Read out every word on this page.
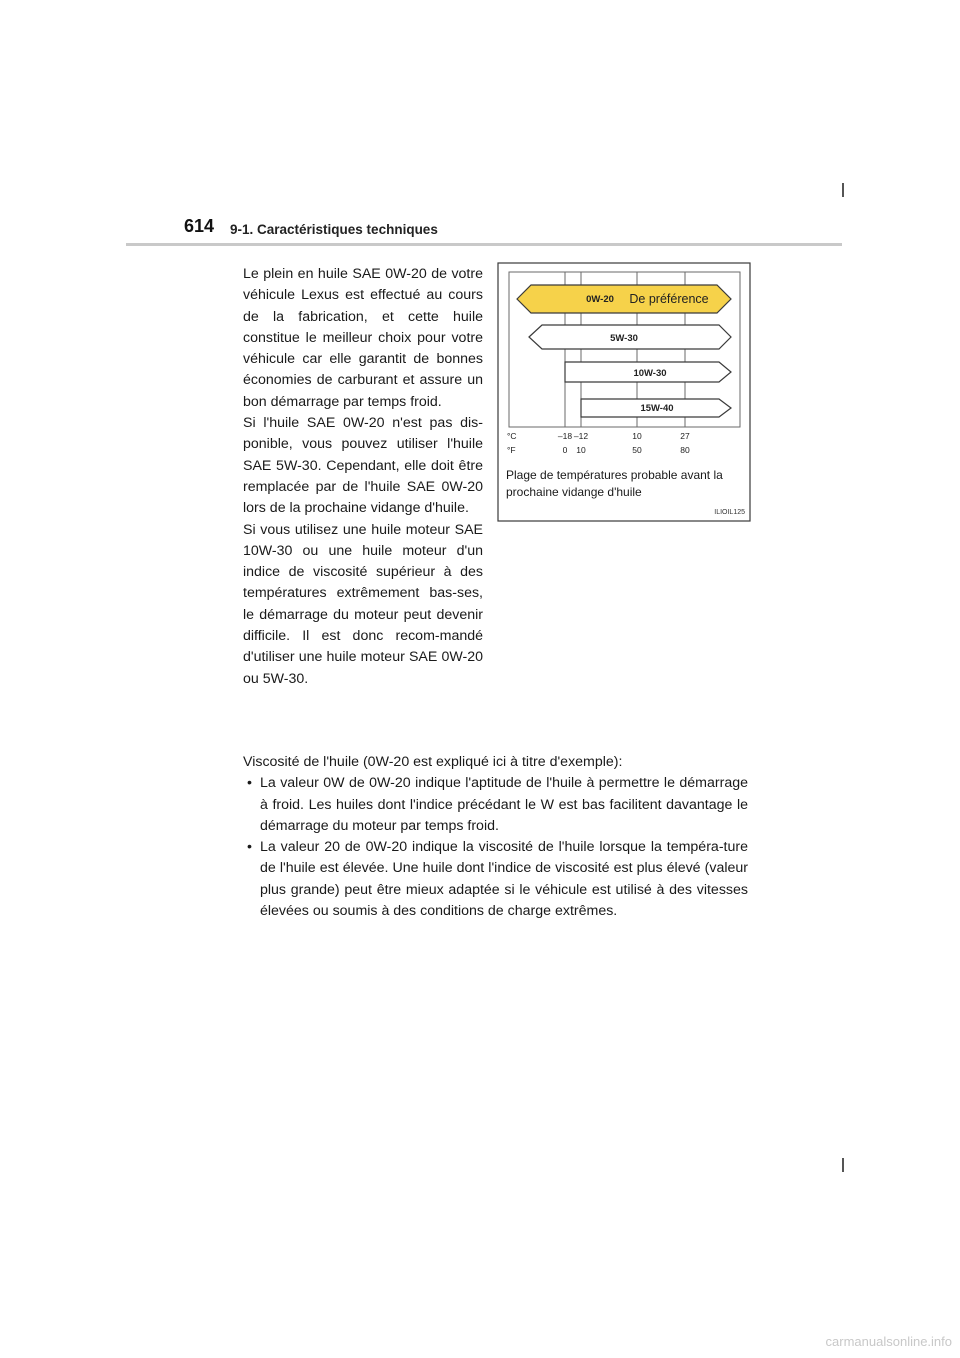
614 9-1. Caractéristiques techniques

Le plein en huile SAE 0W-20 de votre véhicule Lexus est effectué au cours de la fabrication, et cette huile constitue le meilleur choix pour votre véhicule car elle garantit de bonnes économies de carburant et assure un bon démarrage par temps froid.

Si l'huile SAE 0W-20 n'est pas dis-ponible, vous pouvez utiliser l'huile SAE 5W-30. Cependant, elle doit être remplacée par de l'huile SAE 0W-20 lors de la prochaine vidange d'huile.

Si vous utilisez une huile moteur SAE 10W-30 ou une huile moteur d'un indice de viscosité supérieur à des températures extrêmement bas-ses, le démarrage du moteur peut devenir difficile. Il est donc recom-mandé d'utiliser une huile moteur SAE 0W-20 ou 5W-30.

0W-20 De préférence
5W-30
10W-30
15W-40
°C
°F
–18 –12	10	27
0 10	50	80
Plage de températures probable avant la prochaine vidange d'huile
ILIOIL125

Viscosité de l'huile (0W-20 est expliqué ici à titre d'exemple):

• La valeur 0W de 0W-20 indique l'aptitude de l'huile à permettre le démarrage à froid. Les huiles dont l'indice précédant le W est bas facilitent davantage le démarrage du moteur par temps froid.
• La valeur 20 de 0W-20 indique la viscosité de l'huile lorsque la tempéra-ture de l'huile est élevée. Une huile dont l'indice de viscosité est plus élevé (valeur plus grande) peut être mieux adaptée si le véhicule est utilisé à des vitesses élevées ou soumis à des conditions de charge extrêmes.
carmanualsonline.info
